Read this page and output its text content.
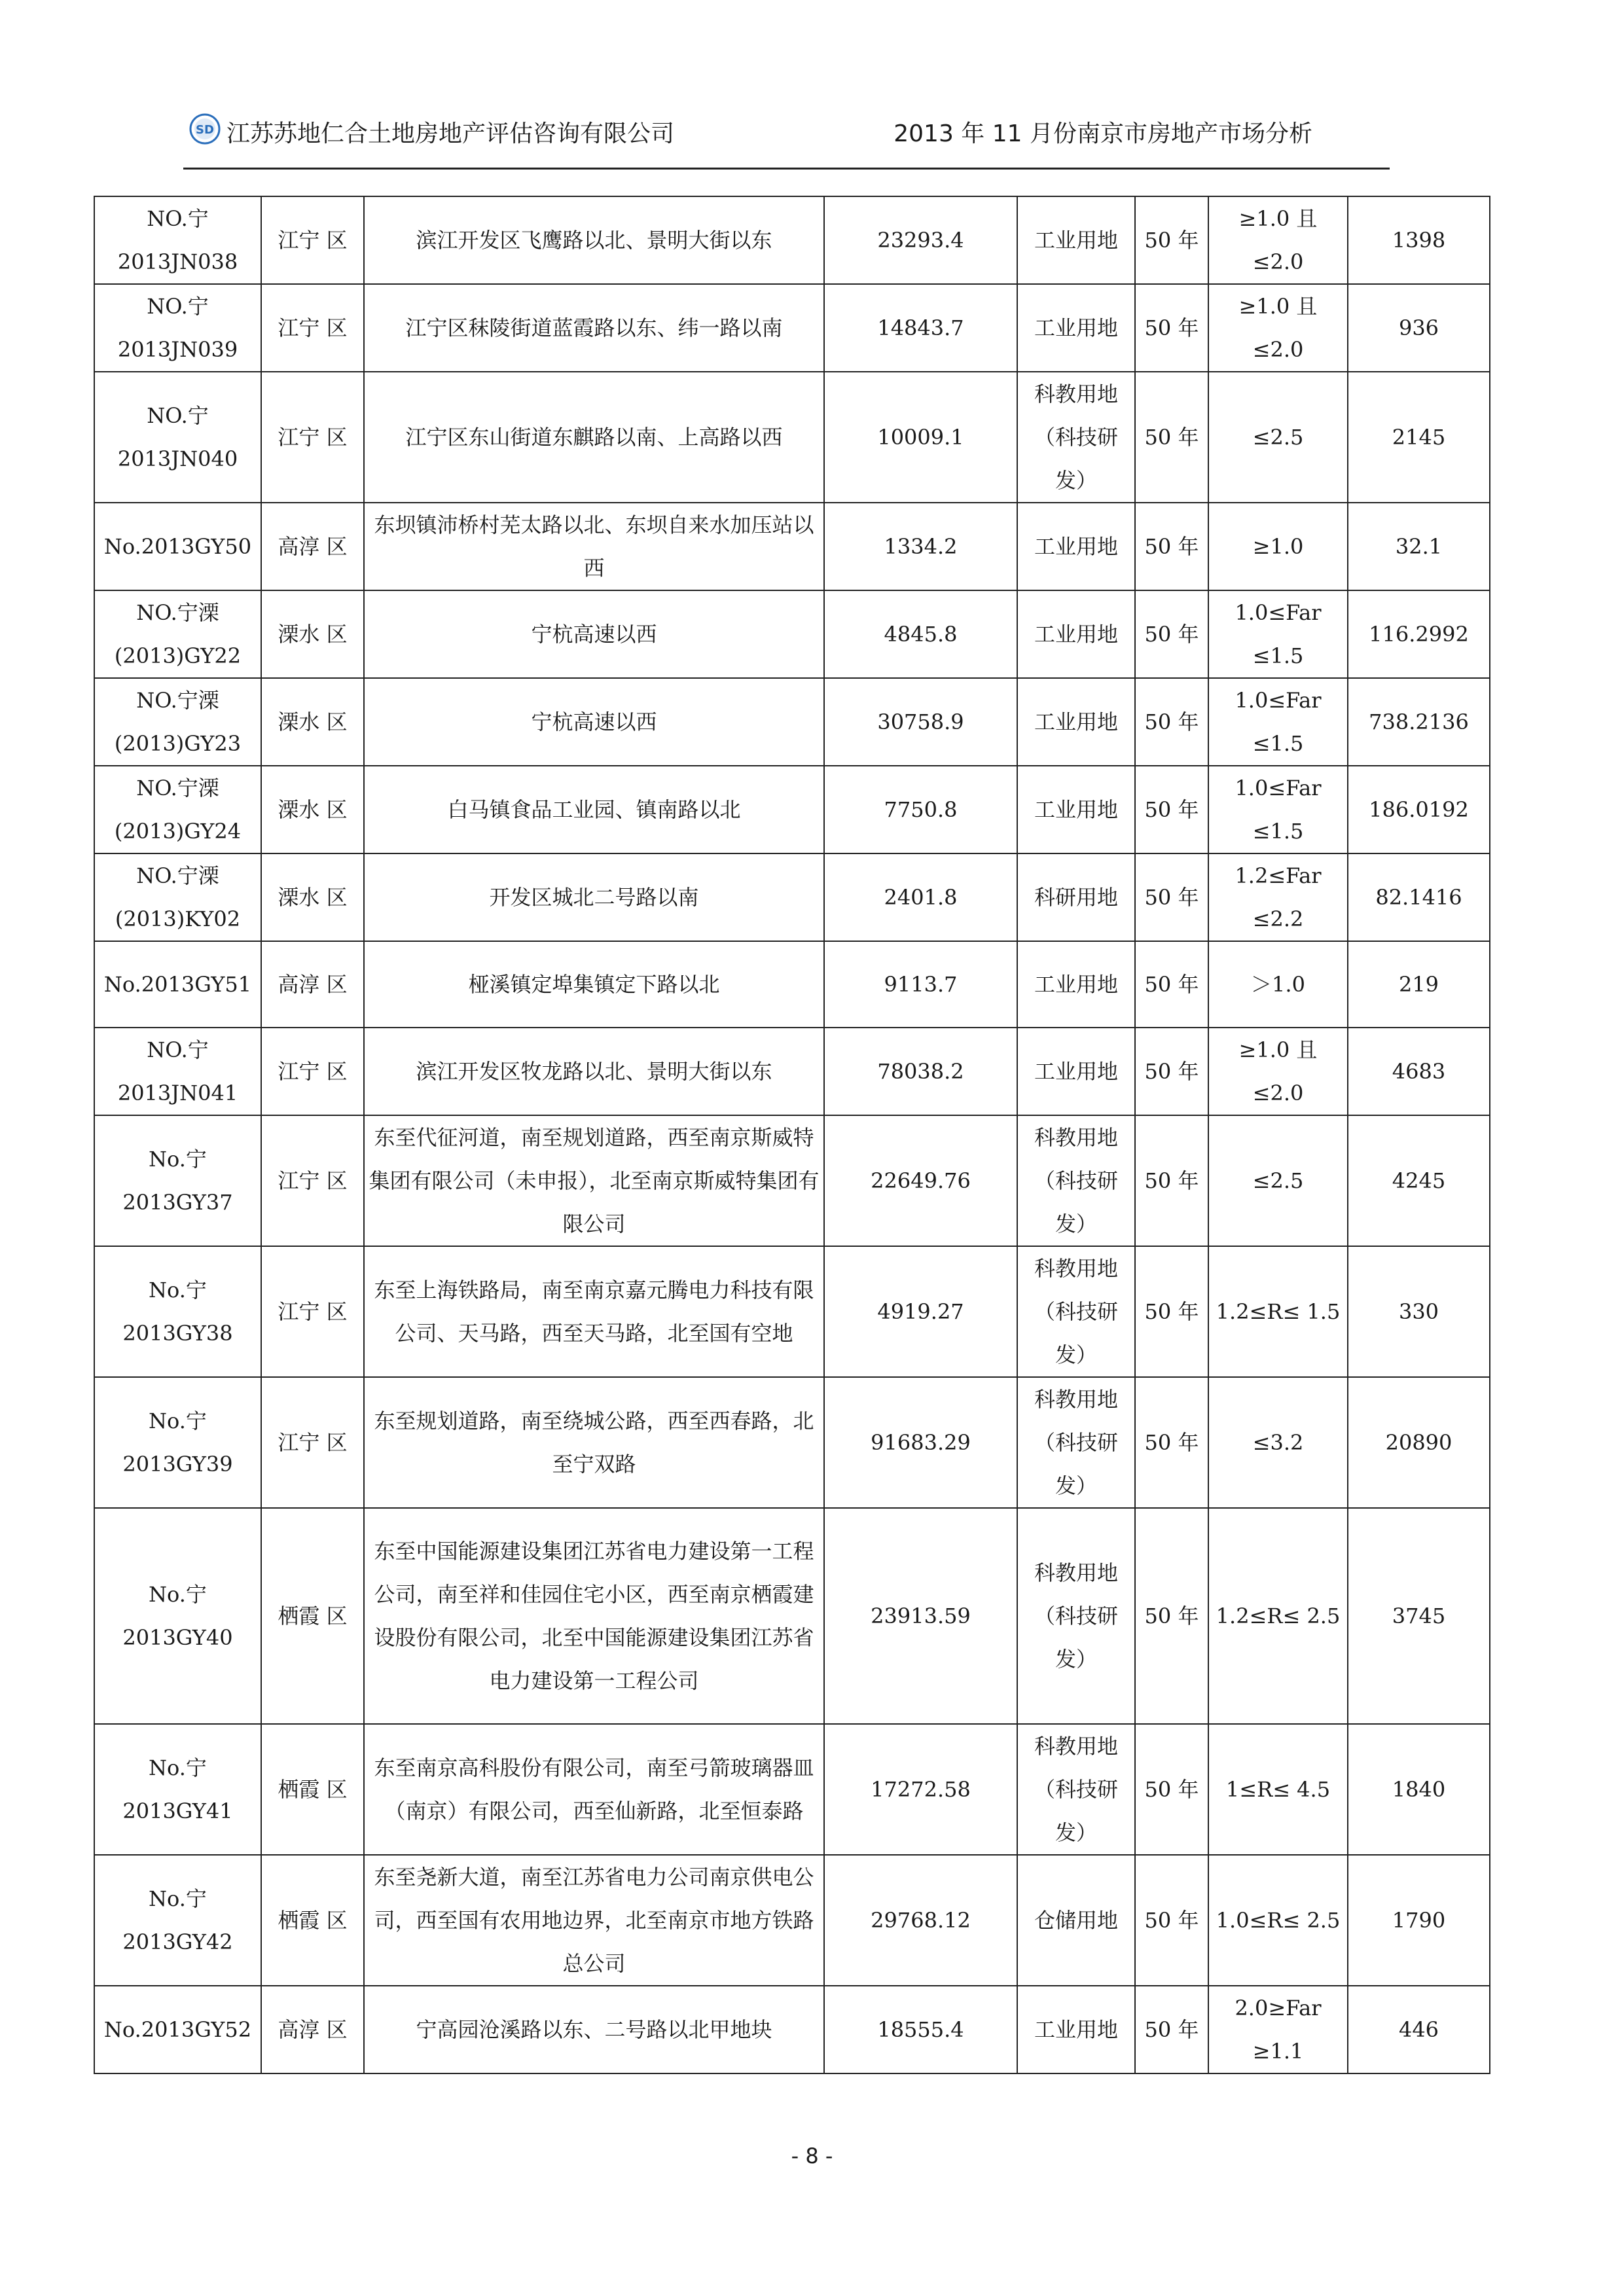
SD 江苏苏地仁合土地房地产评估咨询有限公司	2013 年 11 月份南京市房地产市场分析
NO.宁 2013JN038	江宁 区	滨江开发区飞鹰路以北、景明大街以东	23293.4	工业用地	50 年	≥1.0 且 ≤2.0	1398
NO.宁 2013JN039	江宁 区	江宁区秣陵街道蓝霞路以东、纬一路以南	14843.7	工业用地	50 年	≥1.0 且 ≤2.0	936
NO.宁 2013JN040	江宁 区	江宁区东山街道东麒路以南、上高路以西	10009.1	科教用地（科技研发）	50 年	≤2.5	2145
No.2013GY50	高淳 区	东坝镇沛桥村芜太路以北、东坝自来水加压站以西	1334.2	工业用地	50 年	≥1.0	32.1
NO.宁溧 (2013)GY22	溧水 区	宁杭高速以西	4845.8	工业用地	50 年	1.0≤Far ≤1.5	116.2992
NO.宁溧 (2013)GY23	溧水 区	宁杭高速以西	30758.9	工业用地	50 年	1.0≤Far ≤1.5	738.2136
NO.宁溧 (2013)GY24	溧水 区	白马镇食品工业园、镇南路以北	7750.8	工业用地	50 年	1.0≤Far ≤1.5	186.0192
NO.宁溧 (2013)KY02	溧水 区	开发区城北二号路以南	2401.8	科研用地	50 年	1.2≤Far ≤2.2	82.1416
No.2013GY51	高淳 区	桠溪镇定埠集镇定下路以北	9113.7	工业用地	50 年	＞1.0	219
NO.宁 2013JN041	江宁 区	滨江开发区牧龙路以北、景明大街以东	78038.2	工业用地	50 年	≥1.0 且 ≤2.0	4683
No.宁 2013GY37	江宁 区	东至代征河道，南至规划道路，西至南京斯威特集团有限公司（未申报），北至南京斯威特集团有限公司	22649.76	科教用地（科技研发）	50 年	≤2.5	4245
No.宁 2013GY38	江宁 区	东至上海铁路局，南至南京嘉元腾电力科技有限公司、天马路，西至天马路，北至国有空地	4919.27	科教用地（科技研发）	50 年	1.2≤R≤ 1.5	330
No.宁 2013GY39	江宁 区	东至规划道路，南至绕城公路，西至西春路，北至宁双路	91683.29	科教用地（科技研发）	50 年	≤3.2	20890
No.宁 2013GY40	栖霞 区	东至中国能源建设集团江苏省电力建设第一工程公司，南至祥和佳园住宅小区，西至南京栖霞建设股份有限公司，北至中国能源建设集团江苏省电力建设第一工程公司	23913.59	科教用地（科技研发）	50 年	1.2≤R≤ 2.5	3745
No.宁 2013GY41	栖霞 区	东至南京高科股份有限公司，南至弓箭玻璃器皿（南京）有限公司，西至仙新路，北至恒泰路	17272.58	科教用地（科技研发）	50 年	1≤R≤ 4.5	1840
No.宁 2013GY42	栖霞 区	东至尧新大道，南至江苏省电力公司南京供电公司，西至国有农用地边界，北至南京市地方铁路总公司	29768.12	仓储用地	50 年	1.0≤R≤ 2.5	1790
No.2013GY52	高淳 区	宁高园沧溪路以东、二号路以北甲地块	18555.4	工业用地	50 年	2.0≥Far ≥1.1	446
- 8 -
